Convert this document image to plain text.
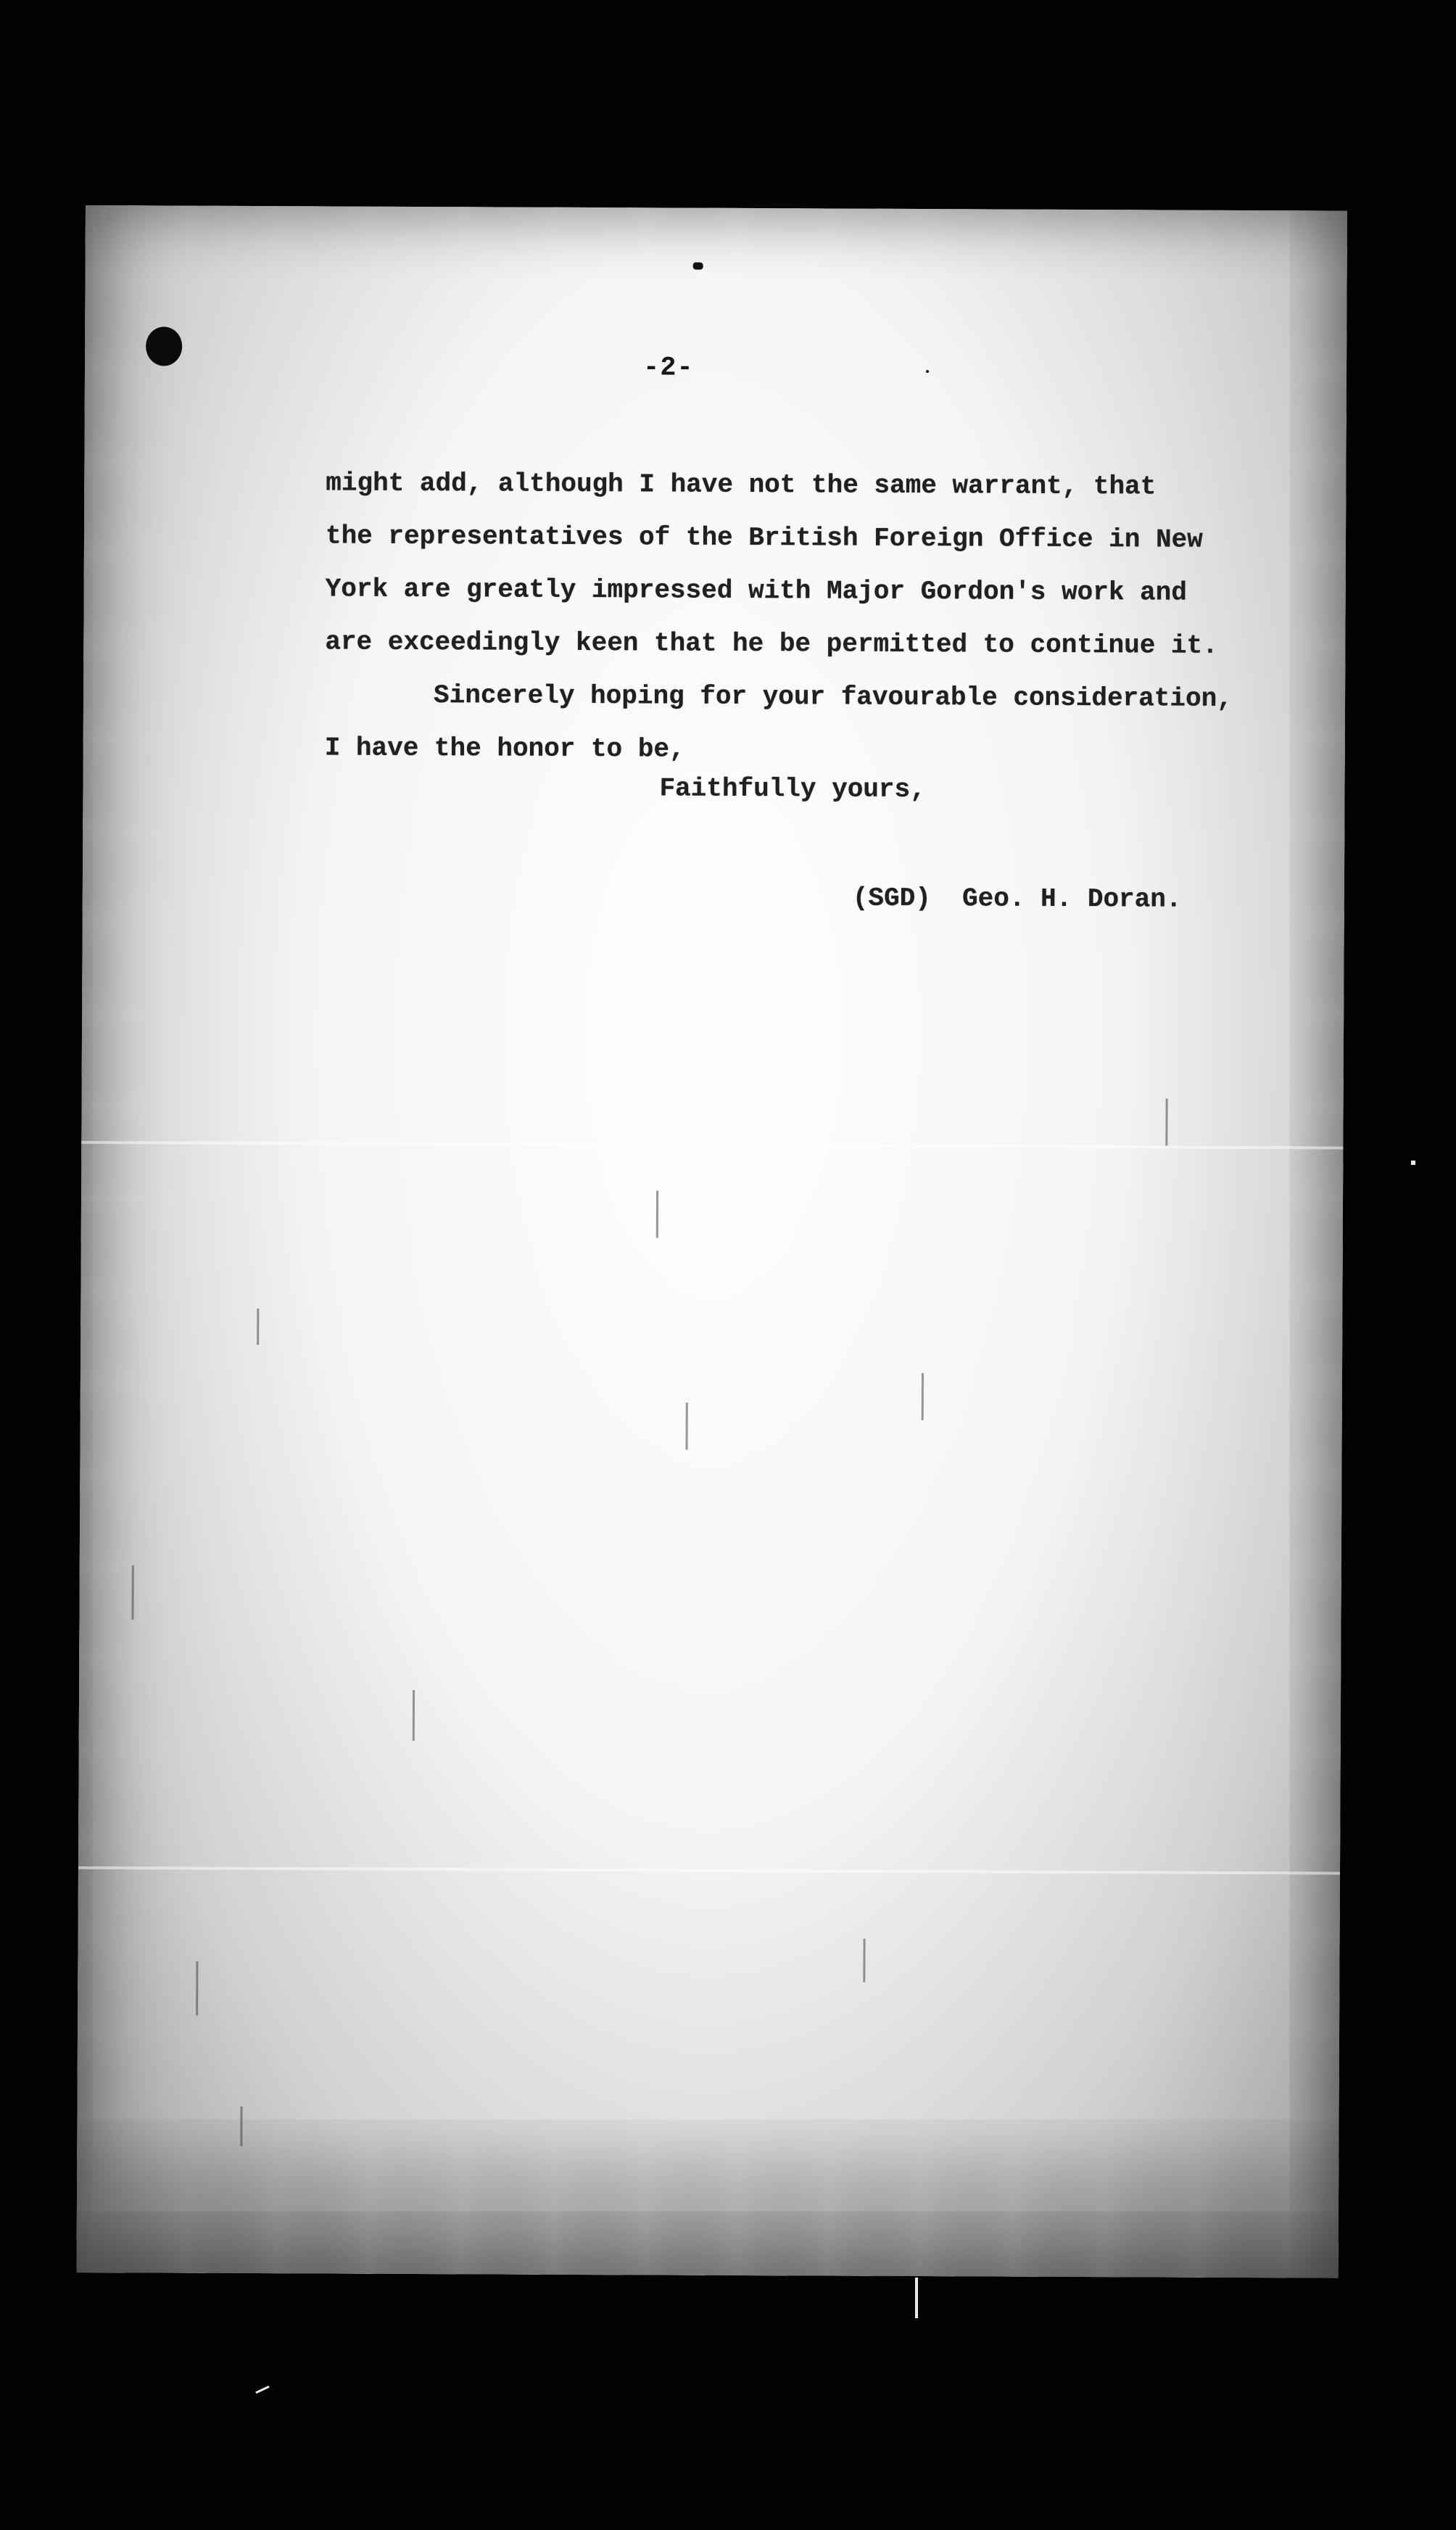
-2-
might add, although I have not the same warrant, that
the representatives of the British Foreign Office in New
York are greatly impressed with Major Gordon's work and
are exceedingly keen that he be permitted to continue it.
Sincerely hoping for your favourable consideration,
I have the honor to be,
Faithfully yours,
(SGD)  Geo. H. Doran.
